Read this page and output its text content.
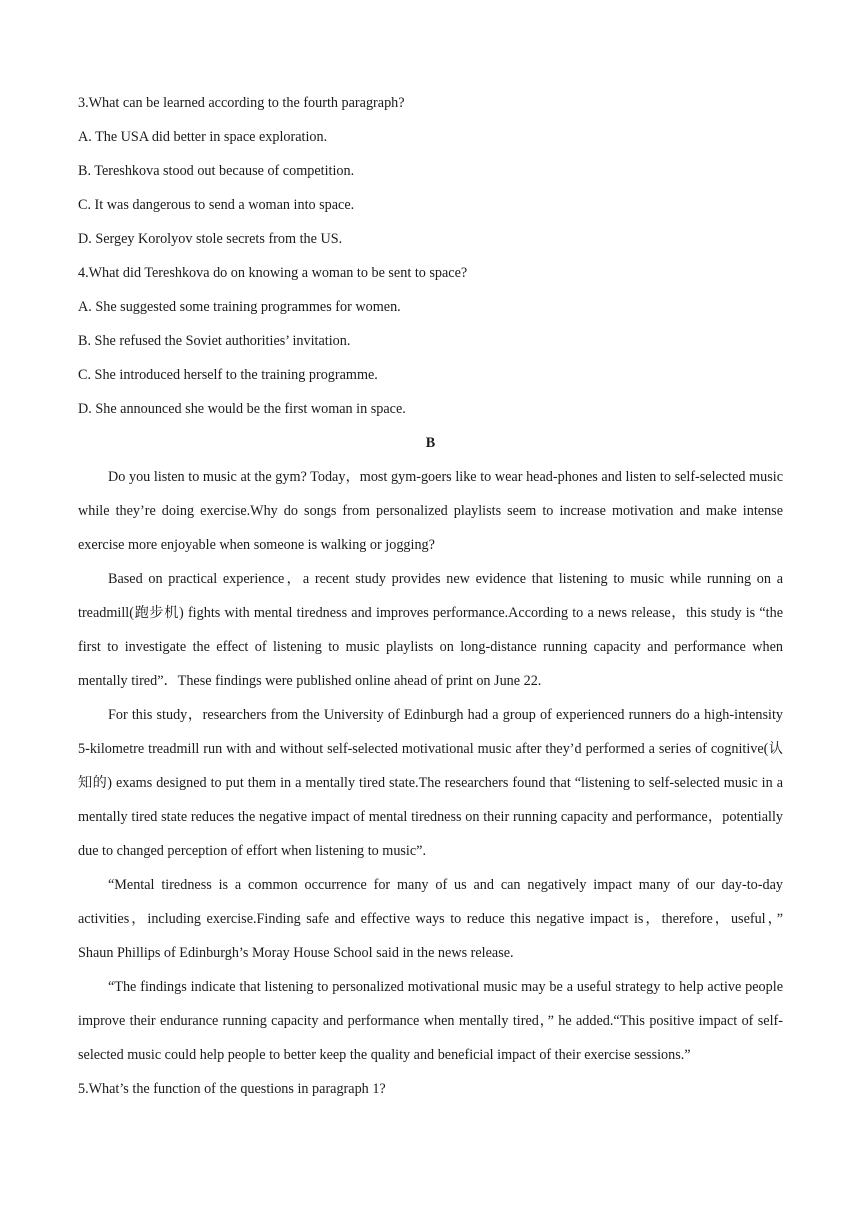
3.What can be learned according to the fourth paragraph?

A. The USA did better in space exploration.

B. Tereshkova stood out because of competition.

C. It was dangerous to send a woman into space.

D. Sergey Korolyov stole secrets from the US.

4.What did Tereshkova do on knowing a woman to be sent to space?

A. She suggested some training programmes for women.

B. She refused the Soviet authorities’ invitation.

C. She introduced herself to the training programme.

D. She announced she would be the first woman in space.

B

Do you listen to music at the gym? Today，most gym-goers like to wear head-phones and listen to self-selected music while they’re doing exercise.Why do songs from personalized playlists seem to increase motivation and make intense exercise more enjoyable when someone is walking or jogging?

Based on practical experience，a recent study provides new evidence that listening to music while running on a treadmill(跑步机) fights with mental tiredness and improves performance.According to a news release，this study is “the first to investigate the effect of listening to music playlists on long-distance running capacity and performance when mentally tired”．These findings were published online ahead of print on June 22.

For this study，researchers from the University of Edinburgh had a group of experienced runners do a high-intensity 5-kilometre treadmill run with and without self-selected motivational music after they’d performed a series of cognitive(认知的) exams designed to put them in a mentally tired state.The researchers found that “listening to self-selected music in a mentally tired state reduces the negative impact of mental tiredness on their running capacity and performance，potentially due to changed perception of effort when listening to music”.

“Mental tiredness is a common occurrence for many of us and can negatively impact many of our day-to-day activities，including exercise.Finding safe and effective ways to reduce this negative impact is，therefore，useful，” Shaun Phillips of Edinburgh’s Moray House School said in the news release.

“The findings indicate that listening to personalized motivational music may be a useful strategy to help active people improve their endurance running capacity and performance when mentally tired，” he added.“This positive impact of self-selected music could help people to better keep the quality and beneficial impact of their exercise sessions.”

5.What’s the function of the questions in paragraph 1?
